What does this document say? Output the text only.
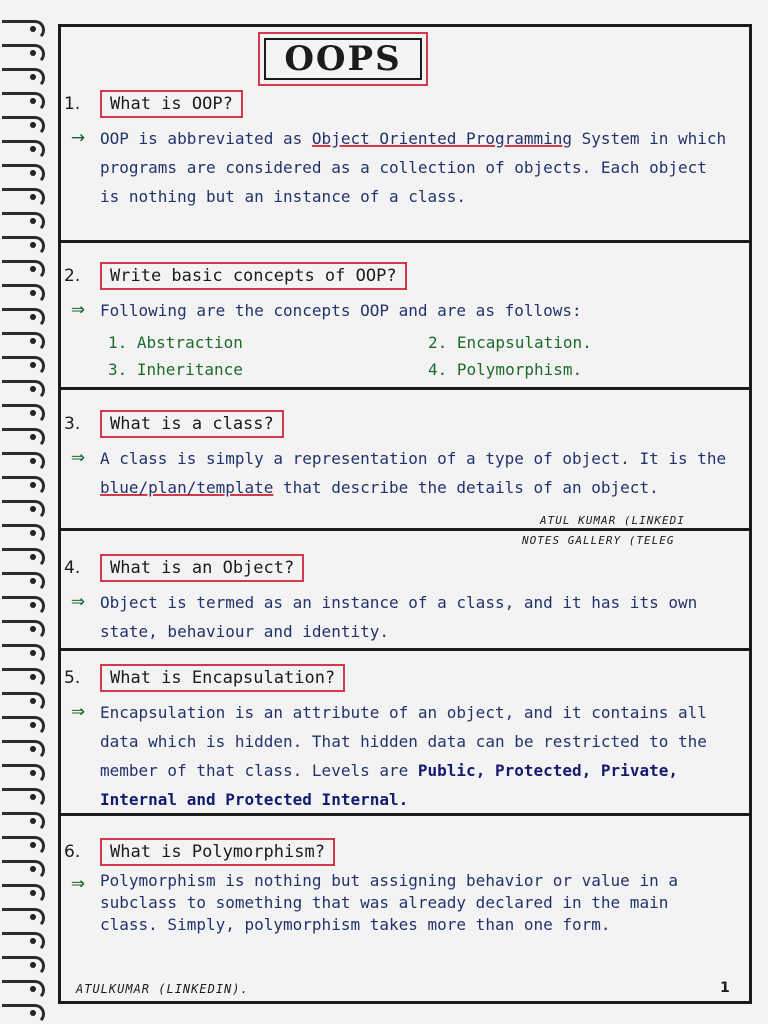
OOPS
1.	What is OOP?
→ OOP is abbreviated as Object Oriented Programming System in which programs are considered as a collection of objects. Each object is nothing but an instance of a class.
2.	Write basic concepts of OOP?
⇒ Following are the concepts OOP and are as follows:
1. Abstraction	2. Encapsulation.
3. Inheritance	4. Polymorphism.
3.	What is a class?
⇒ A class is simply a representation of a type of object. It is the blue/plan/template that describe the details of an object.
ATUL KUMAR (LINKEDI
NOTES GALLERY (TELEG
4.	What is an Object?
⇒ Object is termed as an instance of a class, and it has its own state, behaviour and identity.
5.	What is Encapsulation?
⇒ Encapsulation is an attribute of an object, and it contains all data which is hidden. That hidden data can be restricted to the member of that class. Levels are Public, Protected, Private, Internal and Protected Internal.
6.	What is Polymorphism?
⇒ Polymorphism is nothing but assigning behavior or value in a subclass to something that was already declared in the main class. Simply, polymorphism takes more than one form.
ATULKUMAR (LINKEDIN).	1
